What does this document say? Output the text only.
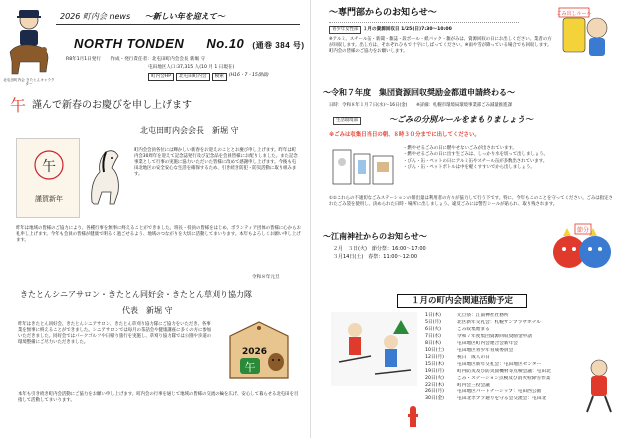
北屯田町内会 きたとんキャラクター
2026 町内会 news ～新しい年を迎えて～
NORTH TONDEN No.10 (通巻 384 号)
R8年1月1日発行 作成・発行責任者：北屯田町内会会長 新堀 守
屯田地区人口:37,315 人(10 月 1 日現在)
町内会HP	北屯田町内会	検索	(H16・7・15開設)
午 謹んで新春のお慶びを申し上げます
北屯田町内会会長　新堀 守
午
謹賀新年
町内会会員各位には輝かしい新春をお迎えのこととお慶び申し上げます。昨年は町内会30周年を迎えて記念誌発行及び記念品を会員皆様にお配りしました。また記念事業として行事の実施に協力いただいた皆様に改めて感謝申し上げます。今後も屯田北地区の安全安心な生活を確保するため、引き続き防犯・防災活動に取り組みます。
昨年は地域の皆様のご協力により、各種行事を無事に終えることができました。班長・役員の皆様をはじめ、ボランティア団体の皆様に心からお礼申し上げます。今年も会員の皆様が健康で明るく過ごせるよう、地域のつながりを大切に活動してまいります。本年もよろしくお願い申し上げます。
令和８年元旦
きたとんシニアサロン・きたとん同好会・きたとん草刈り協力隊
代表　新堀 守
昨年はきたとん同好会、きたとんシニアサロン、きたとん草刈り協力隊にご協力をいただき、各事業を無事に終えることができました。シニアサロンでは毎月の茶話会や健康講座に多くの方に参加いただきました。同好会ではパークゴルフや日帰り旅行を実施し、草刈り協力隊では公園や歩道の環境整備にご尽力いただきました。
2026
午
本年も引き続き町内会活動にご協力をお願い申し上げます。町内会の行事を通じて地域の皆様の交流の輪を広げ、安心して暮らせる北屯田を目指して活動してまいります。
～専門部からのお知らせ～
青少年女性部 １月の資源回収日 1/25(日)7:30～10:00
※アルミ、スチール缶・新聞・雑誌・段ボール・紙パック・雑がみは、資源回収の日にお出しください。業者の方が回収します。出し方は、それぞれひもで十字にしばってください。※雨や雪が降っている場合でも回収します。町内会の皆様のご協力をお願いします。
ごみ出しルール
～令和７年度　集団資源回収奨励金都道申請終わる～
日時：令和８年１月７日(水)～16日(金)　　※詳細：札幌市環境局環境事業部ごみ減量推進課
生活環境部	～ごみの分別ルールをまもりましょう～
※ごみは収集日当日の朝、８時３０分までに出してください。
・燃やせるごみの日に燃やせないごみが出されています。
・燃やせるごみの日に出す生ごみは、しっかり水を切って出しましょう。
・びん・缶・ペットの日にアルミ缶やスチール缶が多数出されています。
・びん・缶・ペットボトルは中を軽くすすいでから出しましょう。
①②これらの不適切なごみステーションの排出量は利用者の方々が協力して行う下です。特に、今年もこのことを守ってください。ごみは指定されたごみ袋を使用し、決められた日時・場所に出しましょう。違反ごみには警告シールが貼られ、取り残されます。
～江南神社からのお知らせ～
２月　３日(火)　節分祭：16:00～17:00
３月14日(土)　春祭：11:00～12:00
節分
１月の町内会関連活動予定
1日(木)	元旦祭：江南神社社務所
5日(月)	北区新年交礼会：札幌サンプラザホテル
6日(火)	ごみ収集始まる
7日(水)	令和７年度集団資源回収奨励金申請
8日(木)	屯田地区町内会連合会新年会
10日(土)	屯田地区青少年育成委員会
12日(月)	祝日　成人の日
15日(木)	屯田地区新年交礼会：屯田地区センター
19日(月)	町内防災及び防災資機材等点検会議：屯田北
20日(火)	ごみ・ステーション点検及び消火栓除雪作業
22日(木)	町内会三役会議
26日(月)	屯田地区パートナーシップ：屯田西公園
30日(金)	屯田北ポプラ通りを守る会交流会：屯田北
